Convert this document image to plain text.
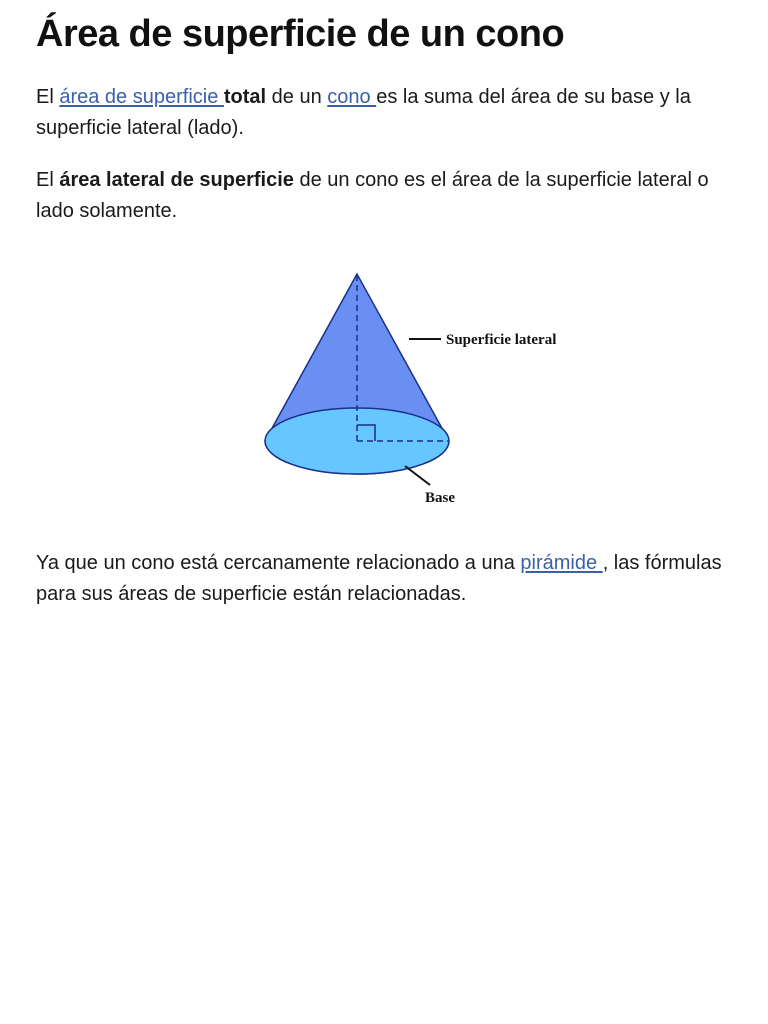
Área de superficie de un cono

El área de superficie total de un cono es la suma del área de su base y la superficie lateral (lado).

El área lateral de superficie de un cono es el área de la superficie lateral o lado solamente.

Superficie lateral
Base

Ya que un cono está cercanamente relacionado a una pirámide , las fórmulas para sus áreas de superficie están relacionadas.
